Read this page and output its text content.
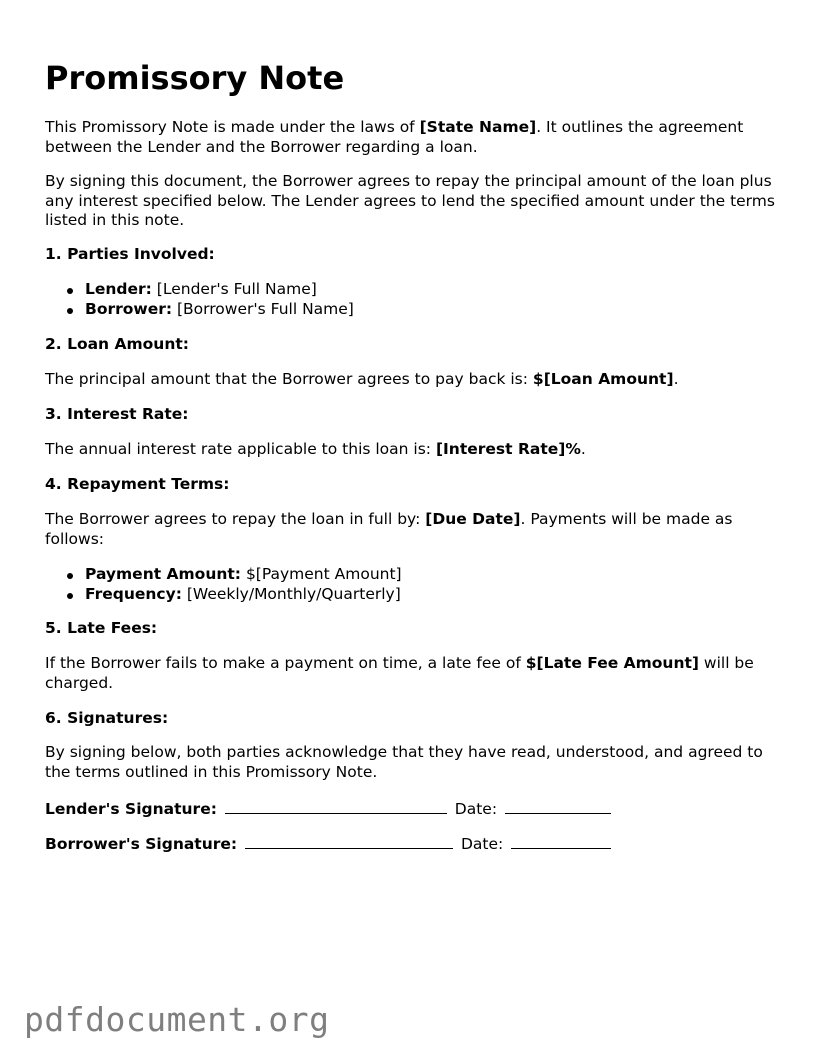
Promissory Note
This Promissory Note is made under the laws of [State Name]. It outlines the agreement between the Lender and the Borrower regarding a loan.
By signing this document, the Borrower agrees to repay the principal amount of the loan plus any interest specified below. The Lender agrees to lend the specified amount under the terms listed in this note.
1. Parties Involved:
Lender: [Lender's Full Name]
Borrower: [Borrower's Full Name]
2. Loan Amount:
The principal amount that the Borrower agrees to pay back is: $[Loan Amount].
3. Interest Rate:
The annual interest rate applicable to this loan is: [Interest Rate]%.
4. Repayment Terms:
The Borrower agrees to repay the loan in full by: [Due Date]. Payments will be made as follows:
Payment Amount: $[Payment Amount]
Frequency: [Weekly/Monthly/Quarterly]
5. Late Fees:
If the Borrower fails to make a payment on time, a late fee of $[Late Fee Amount] will be charged.
6. Signatures:
By signing below, both parties acknowledge that they have read, understood, and agreed to the terms outlined in this Promissory Note.
Lender's Signature:	Date:
Borrower's Signature:	Date:
pdfdocument.org
